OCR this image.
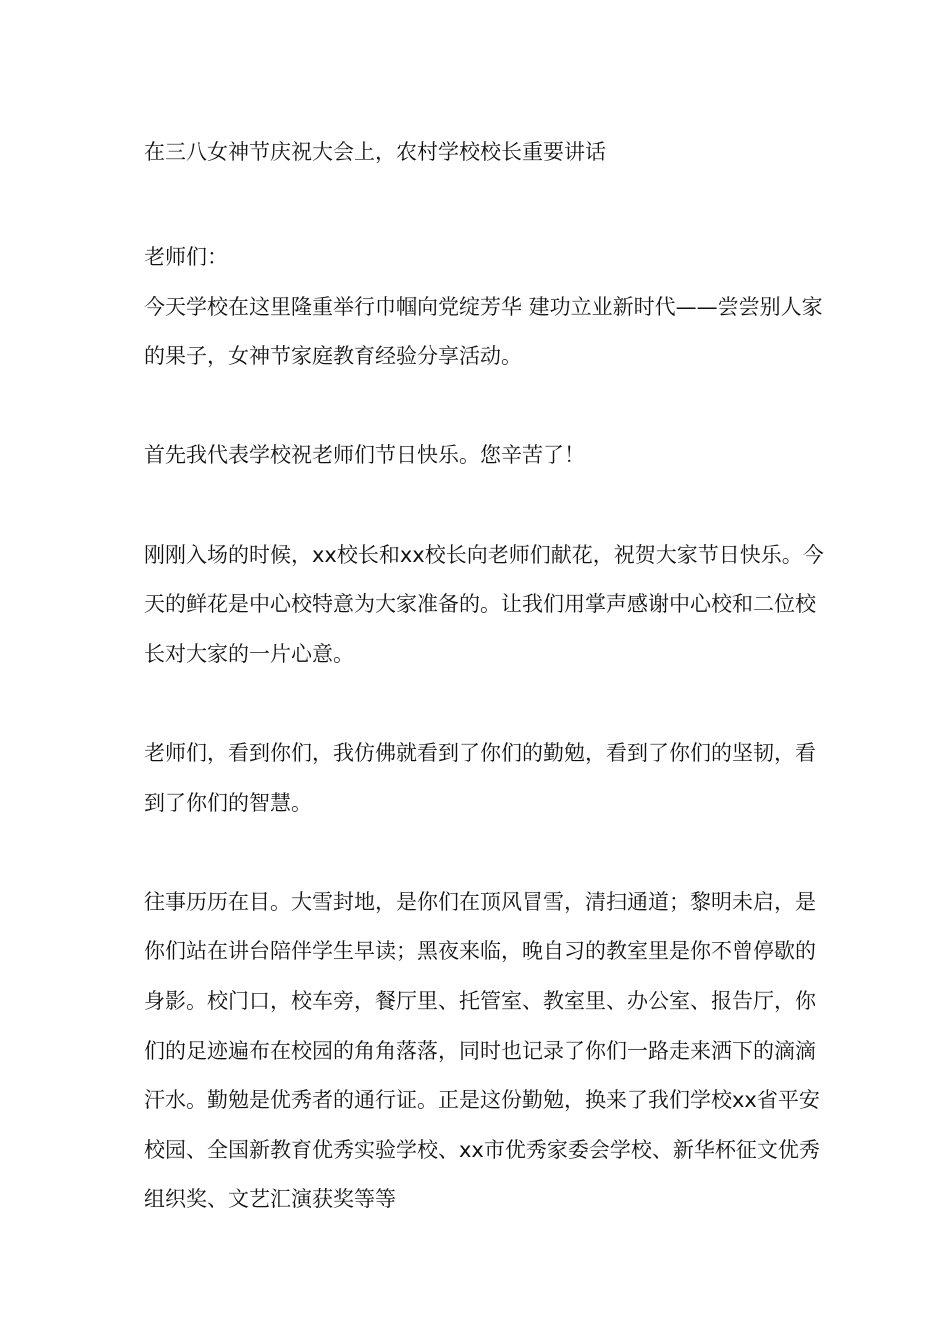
在三八女神节庆祝大会上，农村学校校长重要讲话

老师们：

今天学校在这里隆重举行巾帼向党绽芳华 建功立业新时代——尝尝别人家的果子，女神节家庭教育经验分享活动。

首先我代表学校祝老师们节日快乐。您辛苦了！

刚刚入场的时候，xx校长和xx校长向老师们献花，祝贺大家节日快乐。今天的鲜花是中心校特意为大家准备的。让我们用掌声感谢中心校和二位校长对大家的一片心意。

老师们，看到你们，我仿佛就看到了你们的勤勉，看到了你们的坚韧，看到了你们的智慧。

往事历历在目。大雪封地，是你们在顶风冒雪，清扫通道；黎明未启，是你们站在讲台陪伴学生早读；黑夜来临，晚自习的教室里是你不曾停歇的身影。校门口，校车旁，餐厅里、托管室、教室里、办公室、报告厅，你们的足迹遍布在校园的角角落落，同时也记录了你们一路走来洒下的滴滴汗水。勤勉是优秀者的通行证。正是这份勤勉，换来了我们学校xx省平安校园、全国新教育优秀实验学校、xx市优秀家委会学校、新华杯征文优秀组织奖、文艺汇演获奖等等
